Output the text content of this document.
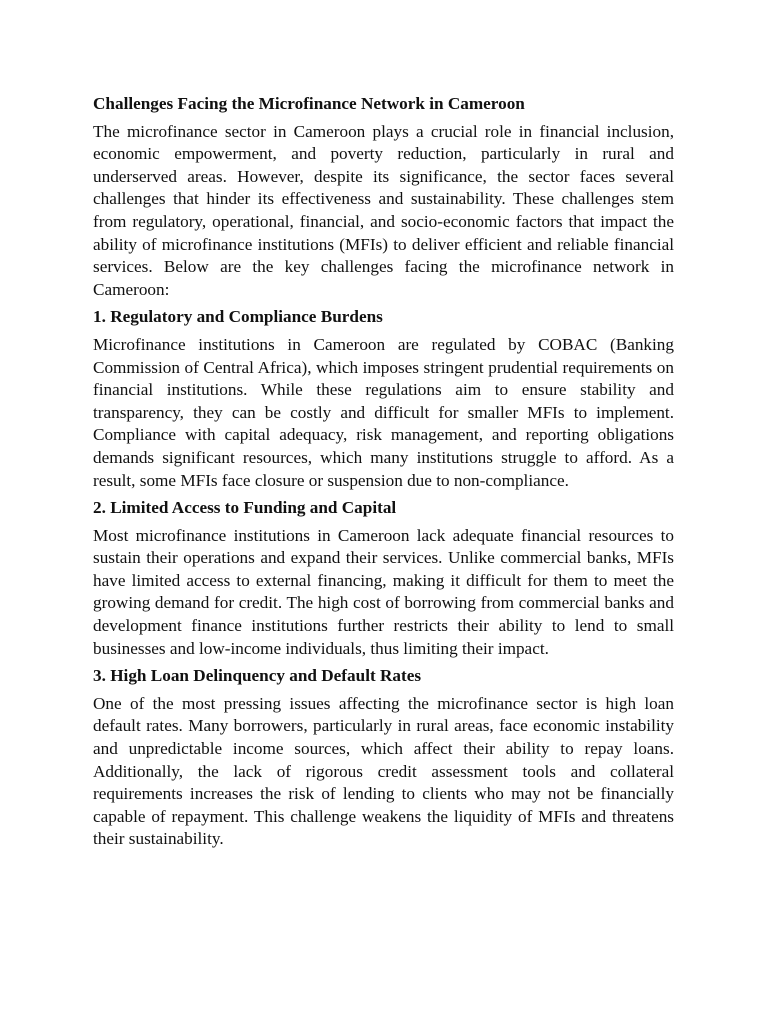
Challenges Facing the Microfinance Network in Cameroon

The microfinance sector in Cameroon plays a crucial role in financial inclusion, economic empowerment, and poverty reduction, particularly in rural and underserved areas. However, despite its significance, the sector faces several challenges that hinder its effectiveness and sustainability. These challenges stem from regulatory, operational, financial, and socio-economic factors that impact the ability of microfinance institutions (MFIs) to deliver efficient and reliable financial services. Below are the key challenges facing the microfinance network in Cameroon:

1. Regulatory and Compliance Burdens

Microfinance institutions in Cameroon are regulated by COBAC (Banking Commission of Central Africa), which imposes stringent prudential requirements on financial institutions. While these regulations aim to ensure stability and transparency, they can be costly and difficult for smaller MFIs to implement. Compliance with capital adequacy, risk management, and reporting obligations demands significant resources, which many institutions struggle to afford. As a result, some MFIs face closure or suspension due to non-compliance.

2. Limited Access to Funding and Capital

Most microfinance institutions in Cameroon lack adequate financial resources to sustain their operations and expand their services. Unlike commercial banks, MFIs have limited access to external financing, making it difficult for them to meet the growing demand for credit. The high cost of borrowing from commercial banks and development finance institutions further restricts their ability to lend to small businesses and low-income individuals, thus limiting their impact.

3. High Loan Delinquency and Default Rates

One of the most pressing issues affecting the microfinance sector is high loan default rates. Many borrowers, particularly in rural areas, face economic instability and unpredictable income sources, which affect their ability to repay loans. Additionally, the lack of rigorous credit assessment tools and collateral requirements increases the risk of lending to clients who may not be financially capable of repayment. This challenge weakens the liquidity of MFIs and threatens their sustainability.
